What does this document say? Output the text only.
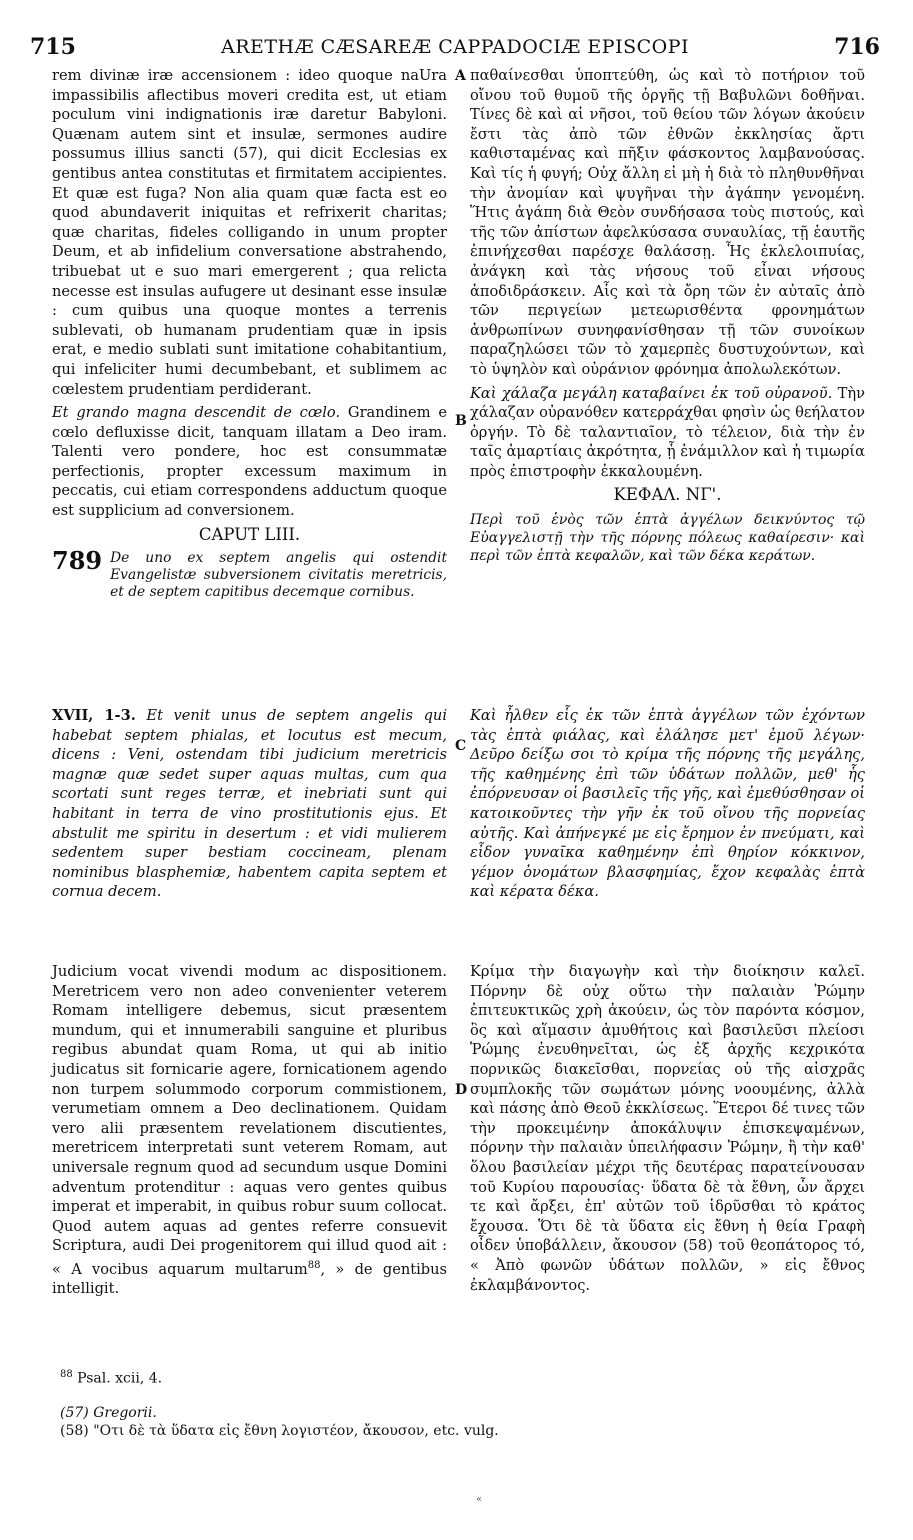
715	ARETHÆ CÆSAREÆ CAPPADOCIÆ EPISCOPI	716

rem divinæ iræ accensionem : ideo quoque naUra impassibilis aflectibus moveri credita est, ut etiam poculum vini indignationis iræ daretur Babyloni. Quænam autem sint et insulæ, sermones audire possumus illius sancti (57), qui dicit Ecclesias ex gentibus antea constitutas et firmitatem accipientes. Et quæ est fuga? Non alia quam quæ facta est eo quod abundaverit iniquitas et refrixerit charitas; quæ charitas, fideles colligando in unum propter Deum, et ab infidelium conversatione abstrahendo, tribuebat ut e suo mari emergerent ; qua relicta necesse est insulas aufugere ut desinant esse insulæ : cum quibus una quoque montes a terrenis sublevati, ob humanam prudentiam quæ in ipsis erat, e medio sublati sunt imitatione cohabitantium, qui infeliciter humi decumbebant, et sublimem ac cœlestem prudentiam perdiderant.

Et grando magna descendit de cœlo. Grandinem e cœlo defluxisse dicit, tanquam illatam a Deo iram. Talenti vero pondere, hoc est consummatæ perfectionis, propter excessum maximum in peccatis, cui etiam correspondens adductum quoque est supplicium ad conversionem.

CAPUT LIII.

789 De uno ex septem angelis qui ostendit Evangelistæ subversionem civitatis meretricis, et de septem capitibus decemque cornibus.

XVII, 1-3. Et venit unus de septem angelis qui habebat septem phialas, et locutus est mecum, dicens : Veni, ostendam tibi judicium meretricis magnæ quæ sedet super aquas multas, cum qua scortati sunt reges terræ, et inebriati sunt qui habitant in terra de vino prostitutionis ejus. Et abstulit me spiritu in desertum : et vidi mulierem sedentem super bestiam coccineam, plenam nominibus blasphemiæ, habentem capita septem et cornua decem.

Judicium vocat vivendi modum ac dispositionem. Meretricem vero non adeo convenienter veterem Romam intelligere debemus, sicut præsentem mundum, qui et innumerabili sanguine et pluribus regibus abundat quam Roma, ut qui ab initio judicatus sit fornicarie agere, fornicationem agendo non turpem solummodo corporum commistionem, verumetiam omnem a Deo declinationem. Quidam vero alii præsentem revelationem discutientes, meretricem interpretati sunt veterem Romam, aut universale regnum quod ad secundum usque Domini adventum protenditur : aquas vero gentes quibus imperat et imperabit, in quibus robur suum collocat. Quod autem aquas ad gentes referre consuevit Scriptura, audi Dei progenitorem qui illud quod ait : « A vocibus aquarum multarum$^{88}$, » de gentibus intelligit.

A
B
C
D

παθαίνεσθαι ὑποπτεύθη, ὡς καὶ τὸ ποτήριον τοῦ οἴνου τοῦ θυμοῦ τῆς ὀργῆς τῇ Βαβυλῶνι δοθῆναι. Τίνες δὲ καὶ αἱ νῆσοι, τοῦ θείου τῶν λόγων ἀκούειν ἔστι τὰς ἀπὸ τῶν ἐθνῶν ἐκκλησίας ἄρτι καθισταμένας καὶ πῆξιν φάσκοντος λαμβανούσας. Καὶ τίς ἡ φυγή; Οὐχ ἄλλη εἰ μὴ ἡ διὰ τὸ πληθυνθῆναι τὴν ἀνομίαν καὶ ψυγῆναι τὴν ἀγάπην γενομένη. Ἥτις ἀγάπη διὰ Θεὸν συνδήσασα τοὺς πιστούς, καὶ τῆς τῶν ἀπίστων ἀφελκύσασα συναυλίας, τῇ ἑαυτῆς ἐπινήχεσθαι παρέσχε θαλάσσῃ. Ἧς ἐκλελοιπυίας, ἀνάγκη καὶ τὰς νήσους τοῦ εἶναι νήσους ἀποδιδράσκειν. Αἷς καὶ τὰ ὄρη τῶν ἐν αὐταῖς ἀπὸ τῶν περιγείων μετεωρισθέντα φρονημάτων ἀνθρωπίνων συνηφανίσθησαν τῇ τῶν συνοίκων παραζηλώσει τῶν τὸ χαμερπὲς δυστυχούντων, καὶ τὸ ὑψηλὸν καὶ οὐράνιον φρόνημα ἀπολωλεκότων.

Καὶ χάλαζα μεγάλη καταβαίνει ἐκ τοῦ οὐρανοῦ. Τὴν χάλαζαν οὐρανόθεν κατερράχθαι φησὶν ὡς θεήλατον ὀργήν. Τὸ δὲ ταλαντιαῖον, τὸ τέλειον, διὰ τὴν ἐν ταῖς ἁμαρτίαις ἀκρότητα, ᾗ ἐνάμιλλον καὶ ἡ τιμωρία πρὸς ἐπιστροφὴν ἐκκαλουμένη.

ΚΕΦΑΛ. ΝΓ'.

Περὶ τοῦ ἑνὸς τῶν ἑπτὰ ἀγγέλων δεικνύντος τῷ Εὐαγγελιστῇ τὴν τῆς πόρνης πόλεως καθαίρεσιν· καὶ περὶ τῶν ἑπτὰ κεφαλῶν, καὶ τῶν δέκα κεράτων.

Καὶ ἦλθεν εἷς ἐκ τῶν ἑπτὰ ἀγγέλων τῶν ἐχόντων τὰς ἑπτὰ φιάλας, καὶ ἐλάλησε μετ' ἐμοῦ λέγων· Δεῦρο δείξω σοι τὸ κρίμα τῆς πόρνης τῆς μεγάλης, τῆς καθημένης ἐπὶ τῶν ὑδάτων πολλῶν, μεθ' ἧς ἐπόρνευσαν οἱ βασιλεῖς τῆς γῆς, καὶ ἐμεθύσθησαν οἱ κατοικοῦντες τὴν γῆν ἐκ τοῦ οἴνου τῆς πορνείας αὐτῆς. Καὶ ἀπήνεγκέ με εἰς ἔρημον ἐν πνεύματι, καὶ εἶδον γυναῖκα καθημένην ἐπὶ θηρίον κόκκινον, γέμον ὀνομάτων βλασφημίας, ἔχον κεφαλὰς ἑπτὰ καὶ κέρατα δέκα.

Κρίμα τὴν διαγωγὴν καὶ τὴν διοίκησιν καλεῖ. Πόρνην δὲ οὐχ οὕτω τὴν παλαιὰν Ῥώμην ἐπιτευκτικῶς χρὴ ἀκούειν, ὡς τὸν παρόντα κόσμον, ὃς καὶ αἵμασιν ἀμυθήτοις καὶ βασιλεῦσι πλείοσι Ῥώμης ἐνευθηνεῖται, ὡς ἐξ ἀρχῆς κεχρικότα πορνικῶς διακεῖσθαι, πορνείας οὐ τῆς αἰσχρᾶς συμπλοκῆς τῶν σωμάτων μόνης νοουμένης, ἀλλὰ καὶ πάσης ἀπὸ Θεοῦ ἐκκλίσεως. Ἕτεροι δέ τινες τῶν τὴν προκειμένην ἀποκάλυψιν ἐπισκεψαμένων, πόρνην τὴν παλαιὰν ὑπειλήφασιν Ῥώμην, ἢ τὴν καθ' ὅλου βασιλείαν μέχρι τῆς δευτέρας παρατείνουσαν τοῦ Κυρίου παρουσίας· ὕδατα δὲ τὰ ἔθνη, ὧν ἄρχει τε καὶ ἄρξει, ἐπ' αὐτῶν τοῦ ἱδρῦσθαι τὸ κράτος ἔχουσα. Ὅτι δὲ τὰ ὕδατα εἰς ἔθνη ἡ θεία Γραφὴ οἶδεν ὑποβάλλειν, ἄκουσον (58) τοῦ θεοπάτορος τό, « Ἀπὸ φωνῶν ὑδάτων πολλῶν, » εἰς ἔθνος ἐκλαμβάνοντος.

$^{88}$ Psal. xcii, 4.

(57) Gregorii.

(58) "Οτι δὲ τὰ ὕδατα εἰς ἔθνη λογιστέον, ἄκουσον, etc. vulg.

«
